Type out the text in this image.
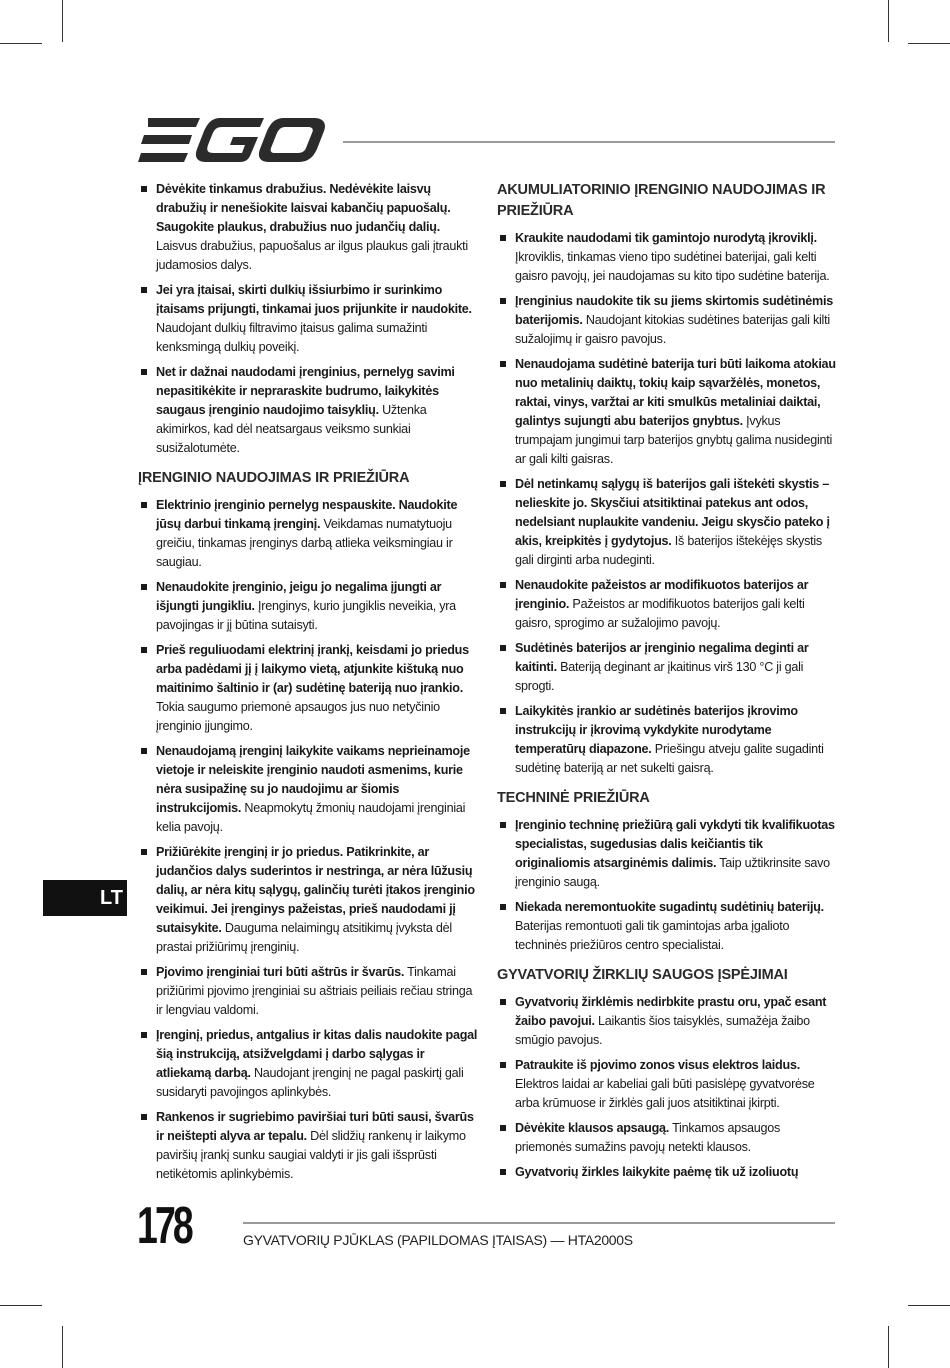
Dėvėkite tinkamus drabužius. Nedėvėkite laisvų drabužių ir nenešiokite laisvai kabančių papuošalų. Saugokite plaukus, drabužius nuo judančių dalių. Laisvus drabužius, papuošalus ar ilgus plaukus gali įtraukti judamosios dalys.
Jei yra įtaisai, skirti dulkių išsiurbimo ir surinkimo įtaisams prijungti, tinkamai juos prijunkite ir naudokite. Naudojant dulkių filtravimo įtaisus galima sumažinti kenksmingą dulkių poveikį.
Net ir dažnai naudodami įrenginius, pernelyg savimi nepasitikėkite ir nepraraskite budrumo, laikykitės saugaus įrenginio naudojimo taisyklių. Užtenka akimirkos, kad dėl neatsargaus veiksmo sunkiai susižalotumėte.
ĮRENGINIO NAUDOJIMAS IR PRIEŽIŪRA
Elektrinio įrenginio pernelyg nespauskite. Naudokite jūsų darbui tinkamą įrenginį. Veikdamas numatytuoju greičiu, tinkamas įrenginys darbą atlieka veiksmingiau ir saugiau.
Nenaudokite įrenginio, jeigu jo negalima įjungti ar išjungti jungikliu. Įrenginys, kurio jungiklis neveikia, yra pavojingas ir jį būtina sutaisyti.
Prieš reguliuodami elektrinį įrankį, keisdami jo priedus arba padėdami jį į laikymo vietą, atjunkite kištuką nuo maitinimo šaltinio ir (ar) sudėtinę bateriją nuo įrankio. Tokia saugumo priemonė apsaugos jus nuo netyčinio įrenginio įjungimo.
Nenaudojamą įrenginį laikykite vaikams neprieinamoje vietoje ir neleiskite įrenginio naudoti asmenims, kurie nėra susipažinę su jo naudojimu ar šiomis instrukcijomis. Neapmokytų žmonių naudojami įrenginiai kelia pavojų.
Prižiūrėkite įrenginį ir jo priedus. Patikrinkite, ar judančios dalys suderintos ir nestringa, ar nėra lūžusių dalių, ar nėra kitų sąlygų, galinčių turėti įtakos įrenginio veikimui. Jei įrenginys pažeistas, prieš naudodami jį sutaisykite. Dauguma nelaimingų atsitikimų įvyksta dėl prastai prižiūrimų įrenginių.
Pjovimo įrenginiai turi būti aštrūs ir švarūs. Tinkamai prižiūrimi pjovimo įrenginiai su aštriais peiliais rečiau stringa ir lengviau valdomi.
Įrenginį, priedus, antgalius ir kitas dalis naudokite pagal šią instrukciją, atsižvelgdami į darbo sąlygas ir atliekamą darbą. Naudojant įrenginį ne pagal paskirtį gali susidaryti pavojingos aplinkybės.
Rankenos ir sugriebimo paviršiai turi būti sausi, švarūs ir neištepti alyva ar tepalu. Dėl slidžių rankenų ir laikymo paviršių įrankį sunku saugiai valdyti ir jis gali išsprūsti netikėtomis aplinkybėmis.
AKUMULIATORINIO ĮRENGINIO NAUDOJIMAS IR PRIEŽIŪRA
Kraukite naudodami tik gamintojo nurodytą įkroviklį. Įkroviklis, tinkamas vieno tipo sudėtinei baterijai, gali kelti gaisro pavojų, jei naudojamas su kito tipo sudėtine baterija.
Įrenginius naudokite tik su jiems skirtomis sudėtinėmis baterijomis. Naudojant kitokias sudėtines baterijas gali kilti sužalojimų ir gaisro pavojus.
Nenaudojama sudėtinė baterija turi būti laikoma atokiau nuo metalinių daiktų, tokių kaip sąvaržėlės, monetos, raktai, vinys, varžtai ar kiti smulkūs metaliniai daiktai, galintys sujungti abu baterijos gnybtus. Įvykus trumpajam jungimui tarp baterijos gnybtų galima nusideginti ar gali kilti gaisras.
Dėl netinkamų sąlygų iš baterijos gali ištekėti skystis – nelieskite jo. Skysčiui atsitiktinai patekus ant odos, nedelsiant nuplaukite vandeniu. Jeigu skysčio pateko į akis, kreipkitės į gydytojus. Iš baterijos ištekėjęs skystis gali dirginti arba nudeginti.
Nenaudokite pažeistos ar modifikuotos baterijos ar įrenginio. Pažeistos ar modifikuotos baterijos gali kelti gaisro, sprogimo ar sužalojimo pavojų.
Sudėtinės baterijos ar įrenginio negalima deginti ar kaitinti. Bateriją deginant ar įkaitinus virš 130 °C ji gali sprogti.
Laikykitės įrankio ar sudėtinės baterijos įkrovimo instrukcijų ir įkrovimą vykdykite nurodytame temperatūrų diapazone. Priešingu atveju galite sugadinti sudėtinę bateriją ar net sukelti gaisrą.
TECHNINĖ PRIEŽIŪRA
Įrenginio techninę priežiūrą gali vykdyti tik kvalifikuotas specialistas, sugedusias dalis keičiantis tik originaliomis atsarginėmis dalimis. Taip užtikrinsite savo įrenginio saugą.
Niekada neremontuokite sugadintų sudėtinių baterijų. Baterijas remontuoti gali tik gamintojas arba įgalioto techninės priežiūros centro specialistai.
GYVATVORIŲ ŽIRKLIŲ SAUGOS ĮSPĖJIMAI
Gyvatvorių žirklėmis nedirbkite prastu oru, ypač esant žaibo pavojui. Laikantis šios taisyklės, sumažėja žaibo smūgio pavojus.
Patraukite iš pjovimo zonos visus elektros laidus. Elektros laidai ar kabeliai gali būti pasislėpę gyvatvorėse arba krūmuose ir žirklės gali juos atsitiktinai įkirpti.
Dėvėkite klausos apsaugą. Tinkamos apsaugos priemonės sumažins pavojų netekti klausos.
Gyvatvorių žirkles laikykite paėmę tik už izoliuotų
LT
178	GYVATVORIŲ PJŪKLAS (PAPILDOMAS ĮTAISAS) — HTA2000S
